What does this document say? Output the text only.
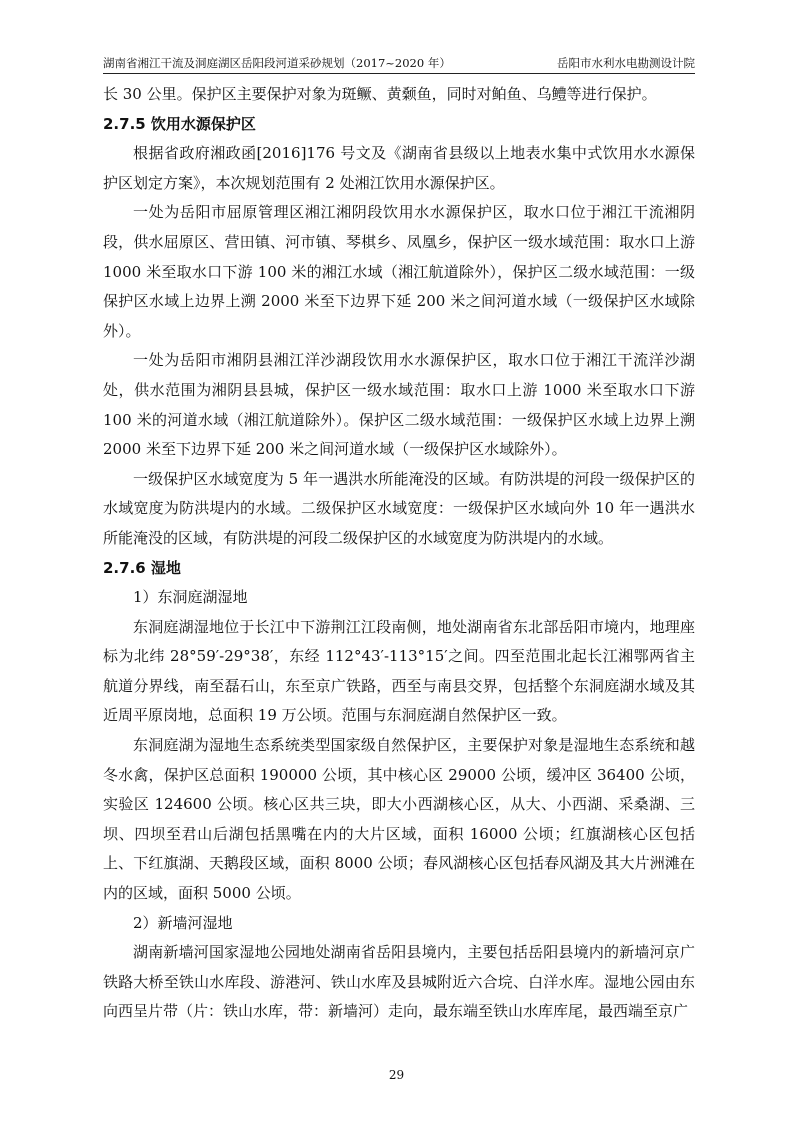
湖南省湘江干流及洞庭湖区岳阳段河道采砂规划（2017~2020 年）	岳阳市水利水电勘测设计院

长 30 公里。保护区主要保护对象为斑鳜、黄颡鱼，同时对鲌鱼、乌鳢等进行保护。

2.7.5 饮用水源保护区

根据省政府湘政函[2016]176 号文及《湖南省县级以上地表水集中式饮用水水源保护区划定方案》，本次规划范围有 2 处湘江饮用水源保护区。

一处为岳阳市屈原管理区湘江湘阴段饮用水水源保护区，取水口位于湘江干流湘阴段，供水屈原区、营田镇、河市镇、琴棋乡、凤凰乡，保护区一级水域范围：取水口上游 1000 米至取水口下游 100 米的湘江水域（湘江航道除外），保护区二级水域范围：一级保护区水域上边界上溯 2000 米至下边界下延 200 米之间河道水域（一级保护区水域除外）。

一处为岳阳市湘阴县湘江洋沙湖段饮用水水源保护区，取水口位于湘江干流洋沙湖处，供水范围为湘阴县县城，保护区一级水域范围：取水口上游 1000 米至取水口下游 100 米的河道水域（湘江航道除外）。保护区二级水域范围：一级保护区水域上边界上溯 2000 米至下边界下延 200 米之间河道水域（一级保护区水域除外）。

一级保护区水域宽度为 5 年一遇洪水所能淹没的区域。有防洪堤的河段一级保护区的水域宽度为防洪堤内的水域。二级保护区水域宽度：一级保护区水域向外 10 年一遇洪水所能淹没的区域，有防洪堤的河段二级保护区的水域宽度为防洪堤内的水域。

2.7.6 湿地

1）东洞庭湖湿地

东洞庭湖湿地位于长江中下游荆江江段南侧，地处湖南省东北部岳阳市境内，地理座标为北纬 28°59′-29°38′，东经 112°43′-113°15′之间。四至范围北起长江湘鄂两省主航道分界线，南至磊石山，东至京广铁路，西至与南县交界，包括整个东洞庭湖水域及其近周平原岗地，总面积 19 万公顷。范围与东洞庭湖自然保护区一致。

东洞庭湖为湿地生态系统类型国家级自然保护区，主要保护对象是湿地生态系统和越冬水禽，保护区总面积 190000 公顷，其中核心区 29000 公顷，缓冲区 36400 公顷，实验区 124600 公顷。核心区共三块，即大小西湖核心区，从大、小西湖、采桑湖、三坝、四坝至君山后湖包括黑嘴在内的大片区域，面积 16000 公顷；红旗湖核心区包括上、下红旗湖、天鹅段区域，面积 8000 公顷；春风湖核心区包括春风湖及其大片洲滩在内的区域，面积 5000 公顷。

2）新墙河湿地

湖南新墙河国家湿地公园地处湖南省岳阳县境内，主要包括岳阳县境内的新墙河京广铁路大桥至铁山水库段、游港河、铁山水库及县城附近六合垸、白洋水库。湿地公园由东向西呈片带（片：铁山水库，带：新墙河）走向，最东端至铁山水库库尾，最西端至京广

29
